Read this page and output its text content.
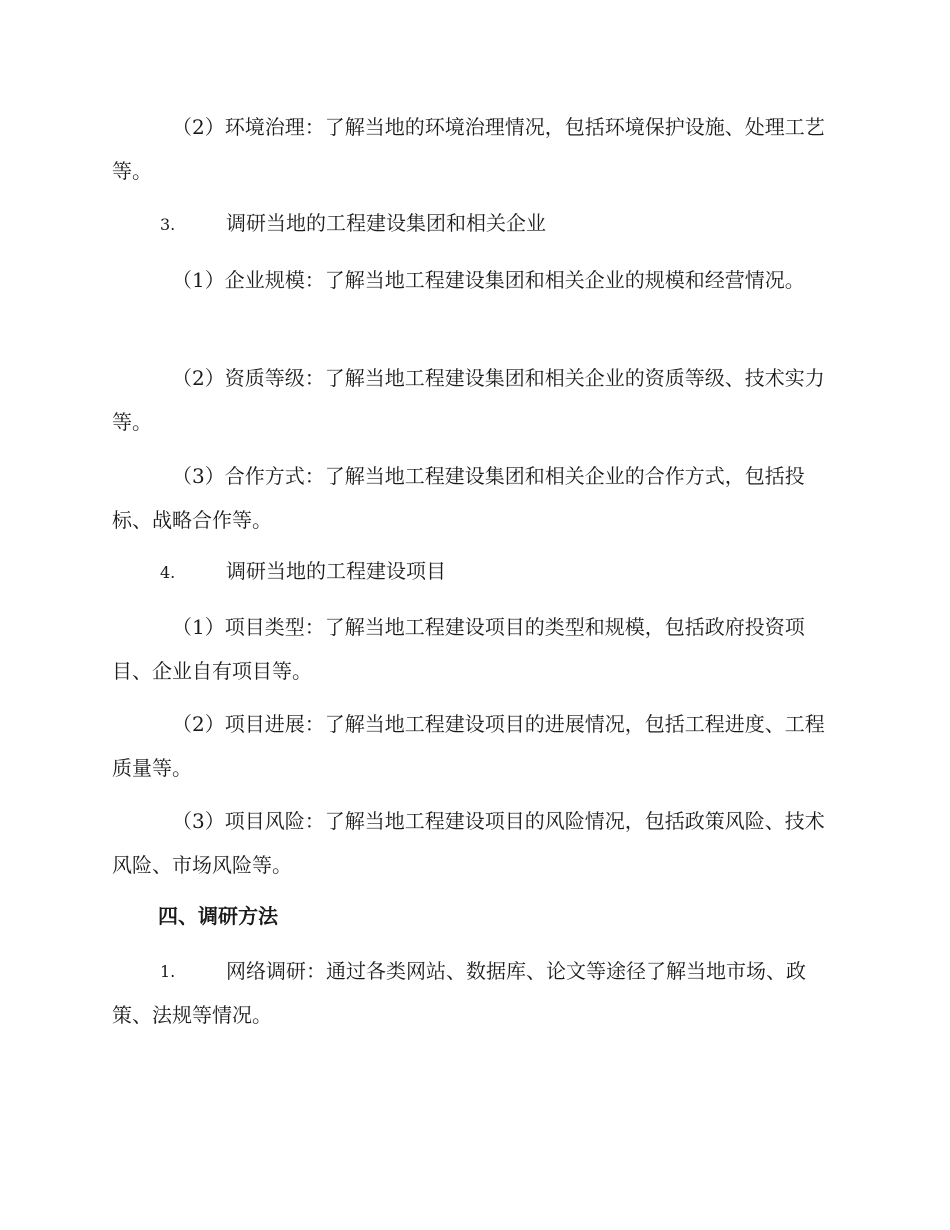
（2）环境治理：了解当地的环境治理情况，包括环境保护设施、处理工艺等。

3.	调研当地的工程建设集团和相关企业

（1）企业规模：了解当地工程建设集团和相关企业的规模和经营情况。

（2）资质等级：了解当地工程建设集团和相关企业的资质等级、技术实力等。

（3）合作方式：了解当地工程建设集团和相关企业的合作方式，包括投标、战略合作等。

4.	调研当地的工程建设项目

（1）项目类型：了解当地工程建设项目的类型和规模，包括政府投资项目、企业自有项目等。

（2）项目进展：了解当地工程建设项目的进展情况，包括工程进度、工程质量等。

（3）项目风险：了解当地工程建设项目的风险情况，包括政策风险、技术风险、市场风险等。

四、调研方法
1.	网络调研：通过各类网站、数据库、论文等途径了解当地市场、政策、法规等情况。
